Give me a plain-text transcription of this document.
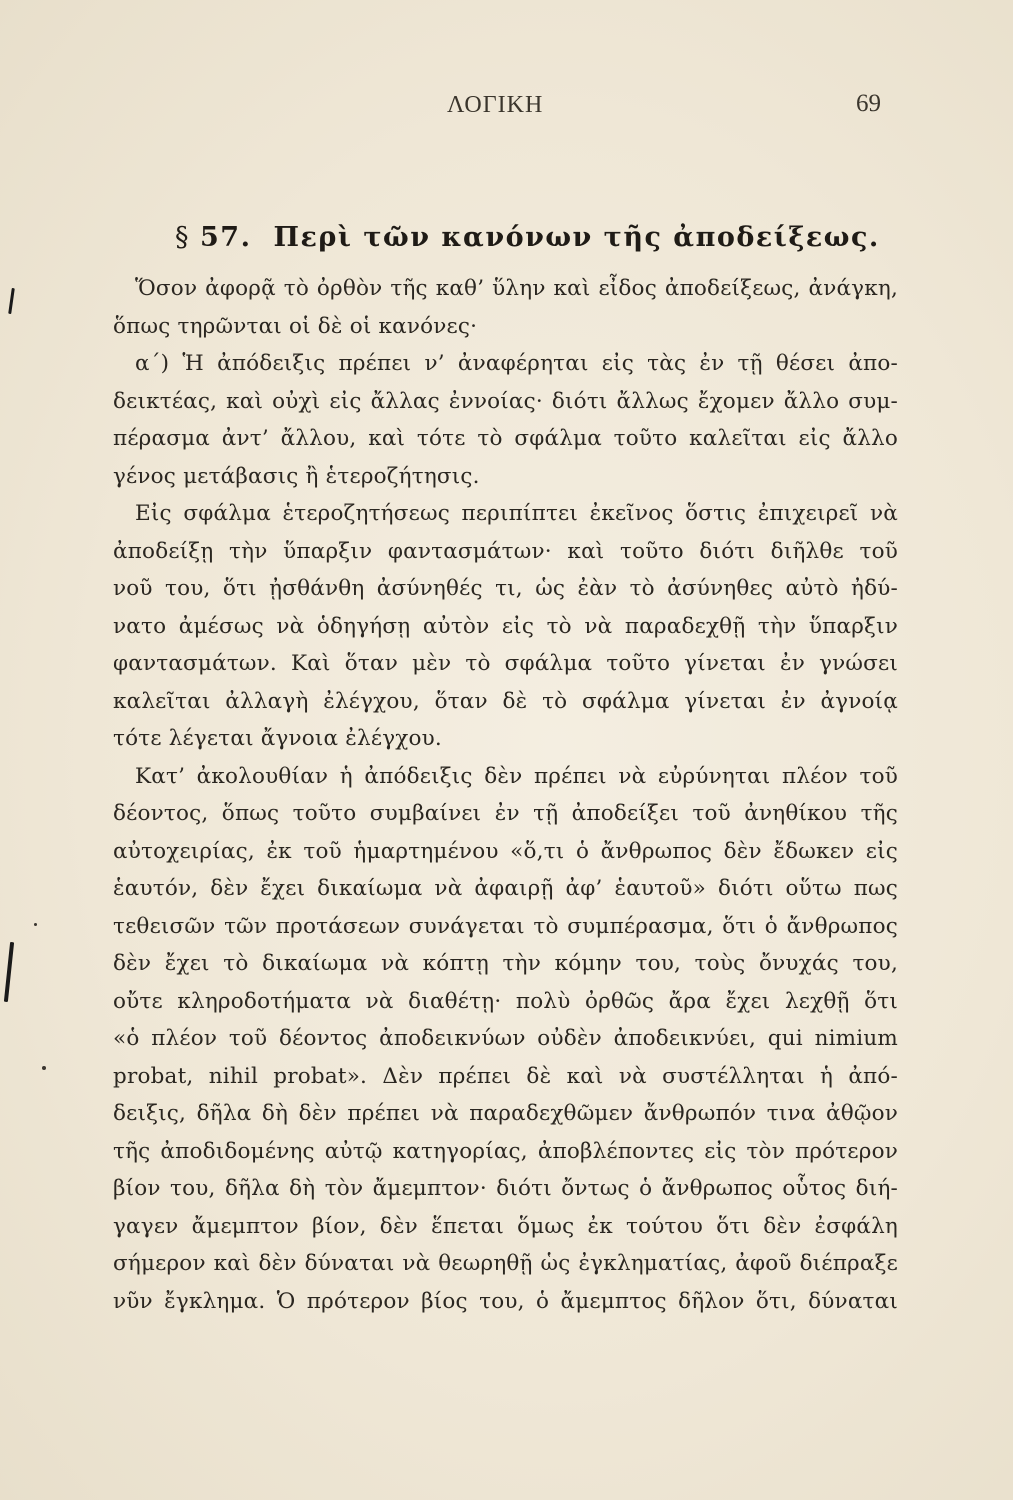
ΛΟΓΙΚΗ	69
§ 57. Περὶ τῶν κανόνων τῆς ἀποδείξεως.
Ὅσον ἀφορᾷ τὸ ὀρθὸν τῆς καθ’ ὕλην καὶ εἶδος ἀποδείξεως, ἀνάγκη,
ὅπως τηρῶνται οἱ δὲ οἱ κανόνες·
α΄) Ἡ ἀπόδειξις πρέπει ν’ ἀναφέρηται εἰς τὰς ἐν τῇ θέσει ἀπο-
δεικτέας, καὶ οὐχὶ εἰς ἄλλας ἐννοίας· διότι ἄλλως ἔχομεν ἄλλο συμ-
πέρασμα ἀντ’ ἄλλου, καὶ τότε τὸ σφάλμα τοῦτο καλεῖται εἰς ἄλλο
γένος μετάβασις ἢ ἑτεροζήτησις.
Εἰς σφάλμα ἑτεροζητήσεως περιπίπτει ἐκεῖνος ὅστις ἐπιχειρεῖ νὰ
ἀποδείξῃ τὴν ὕπαρξιν φαντασμάτων· καὶ τοῦτο διότι διῆλθε τοῦ
νοῦ του, ὅτι ᾐσθάνθη ἀσύνηθές τι, ὡς ἐὰν τὸ ἀσύνηθες αὐτὸ ἠδύ-
νατο ἀμέσως νὰ ὁδηγήσῃ αὐτὸν εἰς τὸ νὰ παραδεχθῇ τὴν ὕπαρξιν
φαντασμάτων. Καὶ ὅταν μὲν τὸ σφάλμα τοῦτο γίνεται ἐν γνώσει
καλεῖται ἀλλαγὴ ἐλέγχου, ὅταν δὲ τὸ σφάλμα γίνεται ἐν ἀγνοίᾳ
τότε λέγεται ἄγνοια ἐλέγχου.
Κατ’ ἀκολουθίαν ἡ ἀπόδειξις δὲν πρέπει νὰ εὐρύνηται πλέον τοῦ
δέοντος, ὅπως τοῦτο συμβαίνει ἐν τῇ ἀποδείξει τοῦ ἀνηθίκου τῆς
αὐτοχειρίας, ἐκ τοῦ ἡμαρτημένου «ὅ,τι ὁ ἄνθρωπος δὲν ἔδωκεν εἰς
ἑαυτόν, δὲν ἔχει δικαίωμα νὰ ἀφαιρῇ ἀφ’ ἑαυτοῦ» διότι οὕτω πως
τεθεισῶν τῶν προτάσεων συνάγεται τὸ συμπέρασμα, ὅτι ὁ ἄνθρωπος
δὲν ἔχει τὸ δικαίωμα νὰ κόπτῃ τὴν κόμην του, τοὺς ὄνυχάς του,
οὔτε κληροδοτήματα νὰ διαθέτῃ· πολὺ ὀρθῶς ἄρα ἔχει λεχθῇ ὅτι
«ὁ πλέον τοῦ δέοντος ἀποδεικνύων οὐδὲν ἀποδεικνύει, qui nimium
probat, nihil probat». Δὲν πρέπει δὲ καὶ νὰ συστέλληται ἡ ἀπό-
δειξις, δῆλα δὴ δὲν πρέπει νὰ παραδεχθῶμεν ἄνθρωπόν τινα ἀθῷον
τῆς ἀποδιδομένης αὐτῷ κατηγορίας, ἀποβλέποντες εἰς τὸν πρότερον
βίον του, δῆλα δὴ τὸν ἄμεμπτον· διότι ὄντως ὁ ἄνθρωπος οὗτος διή-
γαγεν ἄμεμπτον βίον, δὲν ἕπεται ὅμως ἐκ τούτου ὅτι δὲν ἐσφάλη
σήμερον καὶ δὲν δύναται νὰ θεωρηθῇ ὡς ἐγκληματίας, ἀφοῦ διέπραξε
νῦν ἔγκλημα. Ὁ πρότερον βίος του, ὁ ἄμεμπτος δῆλον ὅτι, δύναται
